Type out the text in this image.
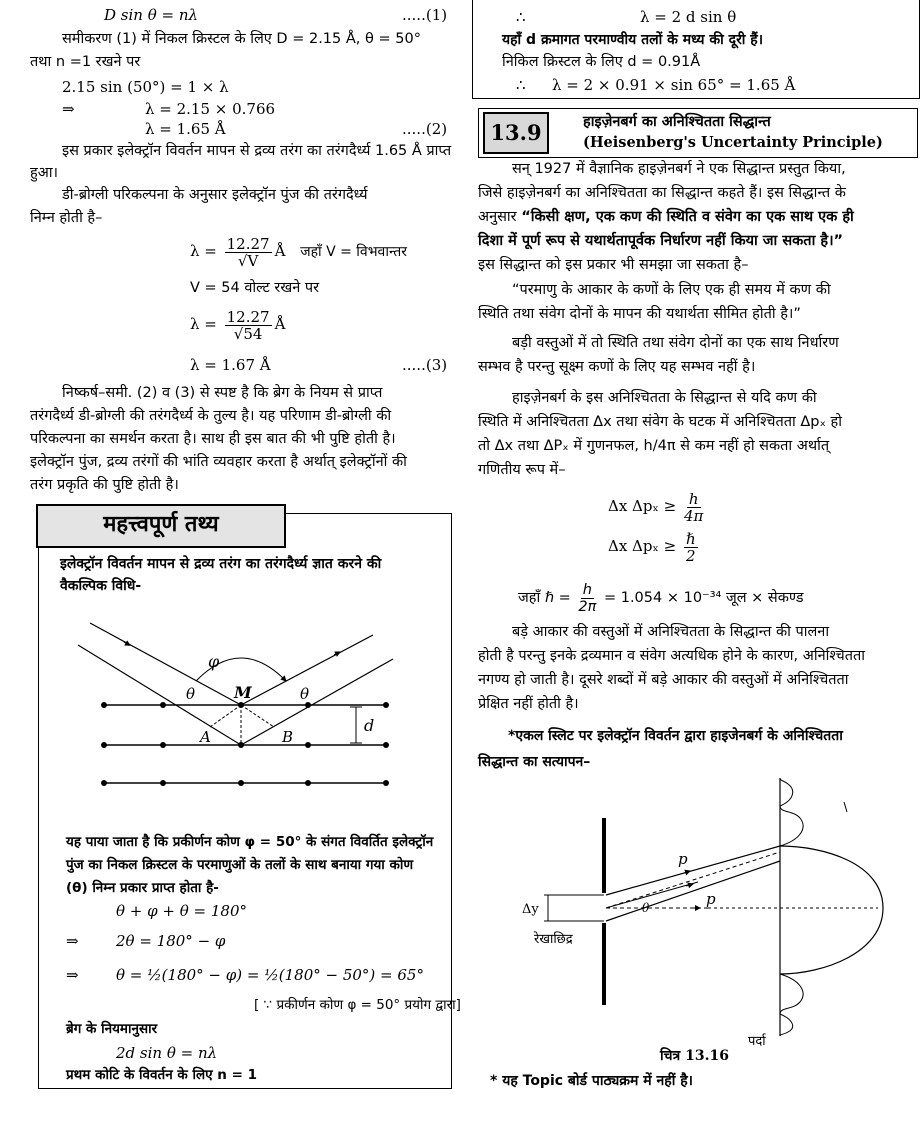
D sin θ = nλ	.....(1)
समीकरण (1) में निकल क्रिस्टल के लिए D = 2.15 Å, θ = 50°
तथा n =1 रखने पर
2.15 sin (50°) = 1 × λ
⇒	λ = 2.15 × 0.766
λ = 1.65 Å	.....(2)
इस प्रकार इलेक्ट्रॉन विवर्तन मापन से द्रव्य तरंग का तरंगदैर्ध्य 1.65 Å प्राप्त
हुआ।
डी-ब्रोग्ली परिकल्पना के अनुसार इलेक्ट्रॉन पुंज की तरंगदैर्ध्य
निम्न होती है–
$\lambda = \frac{12.27}{√V}$ Å जहाँ V = विभवान्तर
V = 54 वोल्ट रखने पर
$\lambda = \frac{12.27}{√54}$ Å
λ = 1.67 Å	.....(3)
निष्कर्ष–समी. (2) व (3) से स्पष्ट है कि ब्रेग के नियम से प्राप्त
तरंगदैर्ध्य डी-ब्रोग्ली की तरंगदैर्ध्य के तुल्य है। यह परिणाम डी-ब्रोग्ली की
परिकल्पना का समर्थन करता है। साथ ही इस बात की भी पुष्टि होती है।
इलेक्ट्रॉन पुंज, द्रव्य तरंगों की भांति व्यवहार करता है अर्थात् इलेक्ट्रॉनों की
तरंग प्रकृति की पुष्टि होती है।
महत्त्वपूर्ण तथ्य
इलेक्ट्रॉन विवर्तन मापन से द्रव्य तरंग का तरंगदैर्ध्य ज्ञात करने की
वैकल्पिक विधि-
φ
θ M	θ
d
A	B
यह पाया जाता है कि प्रकीर्णन कोण φ = 50° के संगत विवर्तित इलेक्ट्रॉन
पुंज का निकल क्रिस्टल के परमाणुओं के तलों के साथ बनाया गया कोण
(θ) निम्न प्रकार प्राप्त होता है-
θ + φ + θ = 180°
⇒ 2θ = 180° − φ
⇒ θ = ½(180° − φ) = ½(180° − 50°) = 65°
[ ∵ प्रकीर्णन कोण φ = 50° प्रयोग द्वारा]
ब्रेग के नियमानुसार
2d sin θ = nλ
प्रथम कोटि के विवर्तन के लिए n = 1
∴	λ = 2 d sin θ
यहाँ d क्रमागत परमाण्वीय तलों के मध्य की दूरी हैं।
निकिल क्रिस्टल के लिए d = 0.91Å
∴ λ = 2 × 0.91 × sin 65° = 1.65 Å
13.9	हाइज़ेनबर्ग का अनिश्चितता सिद्धान्त
(Heisenberg's Uncertainty Principle)
सन् 1927 में वैज्ञानिक हाइज़ेनबर्ग ने एक सिद्धान्त प्रस्तुत किया,
जिसे हाइज़ेनबर्ग का अनिश्चितता का सिद्धान्त कहते हैं। इस सिद्धान्त के
अनुसार “किसी क्षण, एक कण की स्थिति व संवेग का एक साथ एक ही
दिशा में पूर्ण रूप से यथार्थतापूर्वक निर्धारण नहीं किया जा सकता है।”
इस सिद्धान्त को इस प्रकार भी समझा जा सकता है–
“परमाणु के आकार के कणों के लिए एक ही समय में कण की
स्थिति तथा संवेग दोनों के मापन की यथार्थता सीमित होती है।”
बड़ी वस्तुओं में तो स्थिति तथा संवेग दोनों का एक साथ निर्धारण
सम्भव है परन्तु सूक्ष्म कणों के लिए यह सम्भव नहीं है।
हाइज़ेनबर्ग के इस अनिश्चितता के सिद्धान्त से यदि कण की
स्थिति में अनिश्चितता Δx तथा संवेग के घटक में अनिश्चितता Δpₓ हो
तो Δx तथा ΔPₓ में गुणनफल, h/4π से कम नहीं हो सकता अर्थात्
गणितीय रूप में–
Δx $\Delta p_x \ge \frac{h}{4\pi}$
Δx $\Delta p_x \ge \frac{\text{ℏ}}{2}$
जहाँ ℏ = $\frac{h}{2\pi} = 1.054 \times 10^{-34}$ जूल × सेकण्ड
बड़े आकार की वस्तुओं में अनिश्चितता के सिद्धान्त की पालना
होती है परन्तु इनके द्रव्यमान व संवेग अत्यधिक होने के कारण, अनिश्चितता
नगण्य हो जाती है। दूसरे शब्दों में बड़े आकार की वस्तुओं में अनिश्चितता
प्रेक्षित नहीं होती है।
*एकल स्लिट पर इलेक्ट्रॉन विवर्तन द्वारा हाइजेनबर्ग के अनिश्चितता
सिद्धान्त का सत्यापन–
p
p
θ
Δy
रेखाछिद्र
पर्दा
चित्र 13.16
* यह Topic बोर्ड पाठ्यक्रम में नहीं है।
